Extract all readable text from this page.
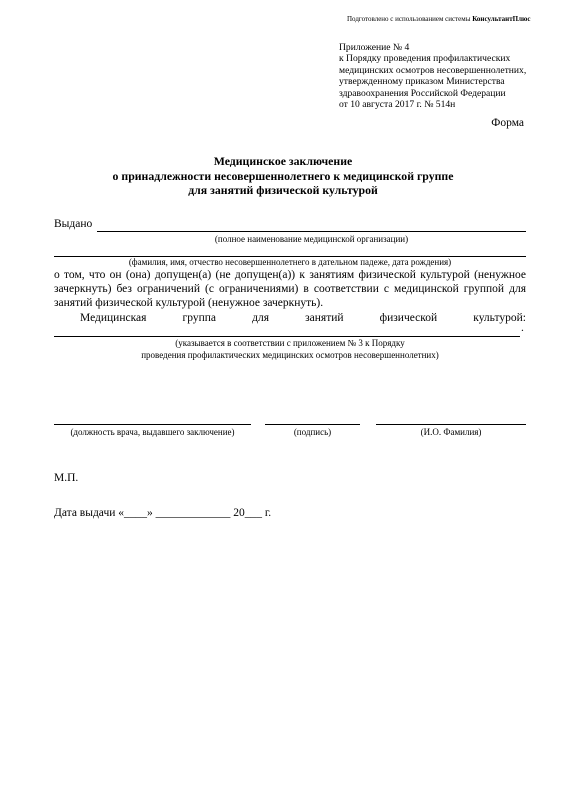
Подготовлено с использованием системы КонсультантПлюс
Приложение № 4
к Порядку проведения профилактических
медицинских осмотров несовершеннолетних,
утвержденному приказом Министерства
здравоохранения Российской Федерации
от 10 августа 2017 г. № 514н
Форма
Медицинское заключение
о принадлежности несовершеннолетнего к медицинской группе
для занятий физической культурой
Выдано
(полное наименование медицинской организации)
(фамилия, имя, отчество несовершеннолетнего в дательном падеже, дата рождения)
о том, что он (она) допущен(а) (не допущен(а)) к занятиям физической культурой (ненужное зачеркнуть) без ограничений (с ограничениями) в соответствии с медицинской группой для занятий физической культурой (ненужное зачеркнуть).
Медицинская	группа	для	занятий	физической	культурой:
.
(указывается в соответствии с приложением № 3 к Порядку
проведения профилактических медицинских осмотров несовершеннолетних)
(должность врача, выдавшего заключение)	(подпись)	(И.О. Фамилия)
М.П.
Дата выдачи «____» _____________ 20___ г.
